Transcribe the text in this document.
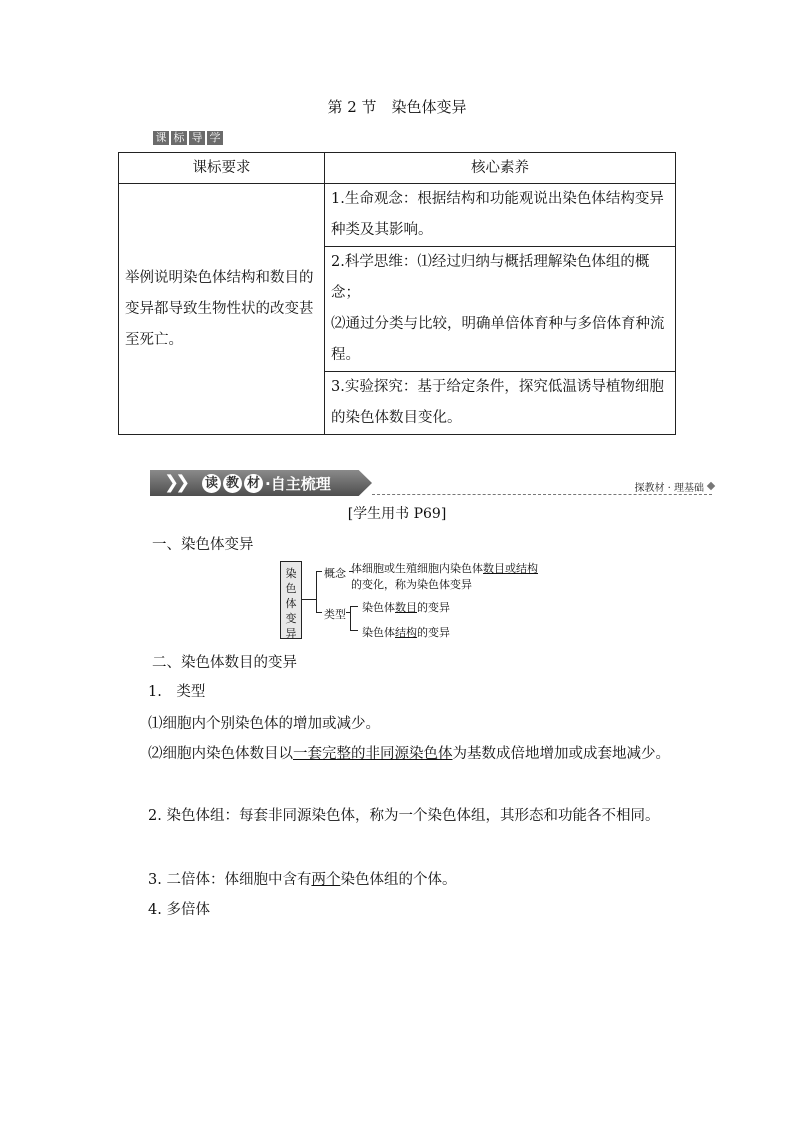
第 2 节　染色体变异
课 标 导 学
课标要求	核心素养
举例说明染色体结构和数目的变异都导致生物性状的改变甚至死亡。	1.生命观念：根据结构和功能观说出染色体结构变异种类及其影响。

	2.科学思维：⑴经过归纳与概括理解染色体组的概念；
⑵通过分类与比较，明确单倍体育种与多倍体育种流程。

	3.实验探究：基于给定条件，探究低温诱导植物细胞的染色体数目变化。
❯❯ 读 教 材 ·自主梳理	探教材 · 理基础
[学生用书 P69]
一、染色体变异
染
色
体
变
异
概念 体细胞或生殖细胞内染色体数目或结构
的变化，称为染色体变异
类型
染色体数目的变异
染色体结构的变异
二、染色体数目的变异
1.　类型
⑴细胞内个别染色体的增加或减少。
⑵细胞内染色体数目以一套完整的非同源染色体为基数成倍地增加或成套地减少。
2. 染色体组：每套非同源染色体，称为一个染色体组，其形态和功能各不相同。
3. 二倍体：体细胞中含有两个染色体组的个体。
4. 多倍体
